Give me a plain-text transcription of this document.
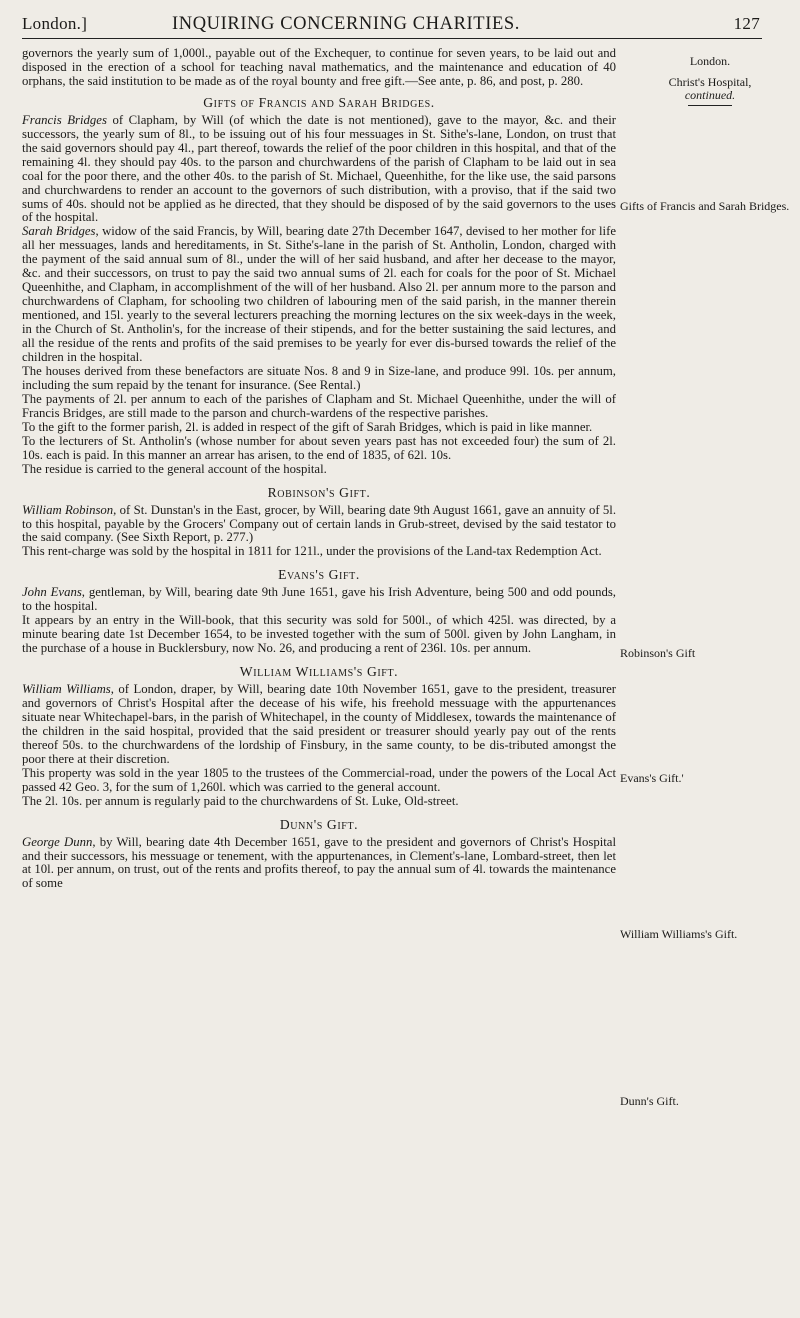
London.]	INQUIRING CONCERNING CHARITIES.	127

governors the yearly sum of 1,000l., payable out of the Exchequer, to continue for seven years, to be laid out and disposed in the erection of a school for teaching naval mathematics, and the maintenance and education of 40 orphans, the said institution to be made as of the royal bounty and free gift.—See ante, p. 86, and post, p. 280.

Gifts of Francis and Sarah Bridges.

Francis Bridges of Clapham, by Will (of which the date is not mentioned), gave to the mayor, &c. and their successors, the yearly sum of 8l., to be issuing out of his four messuages in St. Sithe's-lane, London, on trust that the said governors should pay 4l., part thereof, towards the relief of the poor children in this hospital, and that of the remaining 4l. they should pay 40s. to the parson and churchwardens of the parish of Clapham to be laid out in sea coal for the poor there, and the other 40s. to the parish of St. Michael, Queenhithe, for the like use, the said parsons and churchwardens to render an account to the governors of such distribution, with a proviso, that if the said two sums of 40s. should not be applied as he directed, that they should be disposed of by the said governors to the uses of the hospital.

Sarah Bridges, widow of the said Francis, by Will, bearing date 27th December 1647, devised to her mother for life all her messuages, lands and hereditaments, in St. Sithe's-lane in the parish of St. Antholin, London, charged with the payment of the said annual sum of 8l., under the will of her said husband, and after her decease to the mayor, &c. and their successors, on trust to pay the said two annual sums of 2l. each for coals for the poor of St. Michael Queenhithe, and Clapham, in accomplishment of the will of her husband. Also 2l. per annum more to the parson and churchwardens of Clapham, for schooling two children of labouring men of the said parish, in the manner therein mentioned, and 15l. yearly to the several lecturers preaching the morning lectures on the six week-days in the week, in the Church of St. Antholin's, for the increase of their stipends, and for the better sustaining the said lectures, and all the residue of the rents and profits of the said premises to be yearly for ever dis-bursed towards the relief of the children in the hospital.

The houses derived from these benefactors are situate Nos. 8 and 9 in Size-lane, and produce 99l. 10s. per annum, including the sum repaid by the tenant for insurance. (See Rental.)

The payments of 2l. per annum to each of the parishes of Clapham and St. Michael Queenhithe, under the will of Francis Bridges, are still made to the parson and church-wardens of the respective parishes.

To the gift to the former parish, 2l. is added in respect of the gift of Sarah Bridges, which is paid in like manner.

To the lecturers of St. Antholin's (whose number for about seven years past has not exceeded four) the sum of 2l. 10s. each is paid. In this manner an arrear has arisen, to the end of 1835, of 62l. 10s.

The residue is carried to the general account of the hospital.

Robinson's Gift.

William Robinson, of St. Dunstan's in the East, grocer, by Will, bearing date 9th August 1661, gave an annuity of 5l. to this hospital, payable by the Grocers' Company out of certain lands in Grub-street, devised by the said testator to the said company. (See Sixth Report, p. 277.)

This rent-charge was sold by the hospital in 1811 for 121l., under the provisions of the Land-tax Redemption Act.

Evans's Gift.

John Evans, gentleman, by Will, bearing date 9th June 1651, gave his Irish Adventure, being 500 and odd pounds, to the hospital.

It appears by an entry in the Will-book, that this security was sold for 500l., of which 425l. was directed, by a minute bearing date 1st December 1654, to be invested together with the sum of 500l. given by John Langham, in the purchase of a house in Bucklersbury, now No. 26, and producing a rent of 236l. 10s. per annum.

William Williams's Gift.

William Williams, of London, draper, by Will, bearing date 10th November 1651, gave to the president, treasurer and governors of Christ's Hospital after the decease of his wife, his freehold messuage with the appurtenances situate near Whitechapel-bars, in the parish of Whitechapel, in the county of Middlesex, towards the maintenance of the children in the said hospital, provided that the said president or treasurer should yearly pay out of the rents thereof 50s. to the churchwardens of the lordship of Finsbury, in the same county, to be dis-tributed amongst the poor there at their discretion.

This property was sold in the year 1805 to the trustees of the Commercial-road, under the powers of the Local Act passed 42 Geo. 3, for the sum of 1,260l. which was carried to the general account.

The 2l. 10s. per annum is regularly paid to the churchwardens of St. Luke, Old-street.

Dunn's Gift.

George Dunn, by Will, bearing date 4th December 1651, gave to the president and governors of Christ's Hospital and their successors, his messuage or tenement, with the appurtenances, in Clement's-lane, Lombard-street, then let at 10l. per annum, on trust, out of the rents and profits thereof, to pay the annual sum of 4l. towards the maintenance of some

London.
Christ's Hospital,
continued.
Gifts of Francis and Sarah Bridges.
Robinson's Gift
Evans's Gift.'
William Williams's Gift.
Dunn's Gift.
